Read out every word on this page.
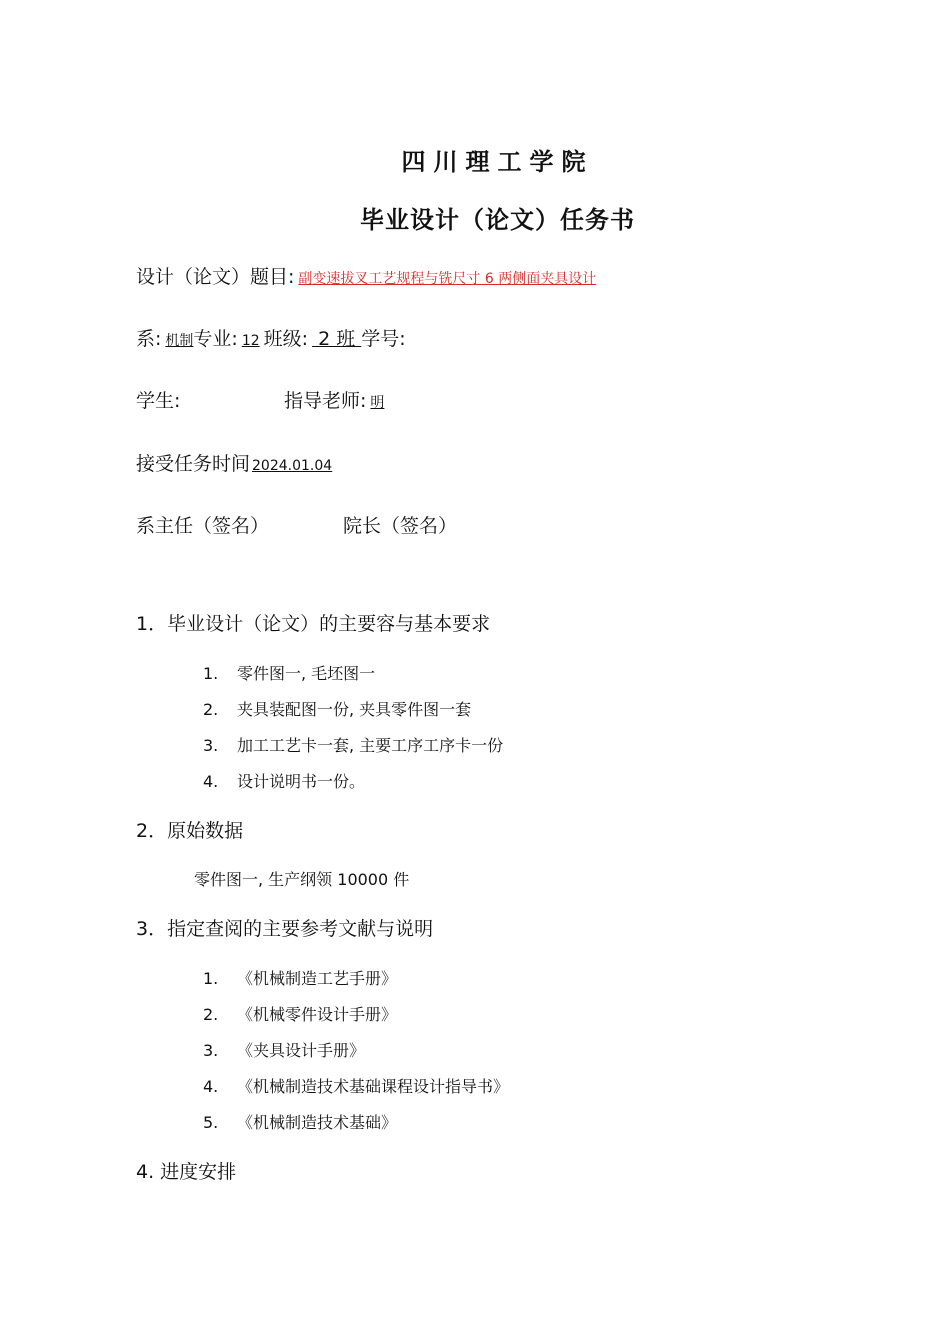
四川理工学院
毕业设计（论文）任务书
设计（论文）题目: 副变速拔叉工艺规程与铣尺寸 6 两侧面夹具设计
系: 机制专业: 12 班级: 2 班 学号:
学生:	指导老师: 明
接受任务时间 2024.01.04
系主任（签名）	院长（签名）
1．毕业设计（论文）的主要容与基本要求
1. 零件图一, 毛坯图一
2. 夹具装配图一份, 夹具零件图一套
3. 加工工艺卡一套, 主要工序工序卡一份
4. 设计说明书一份。
2．原始数据
零件图一, 生产纲领 10000 件
3．指定查阅的主要参考文献与说明
1. 《机械制造工艺手册》
2. 《机械零件设计手册》
3. 《夹具设计手册》
4. 《机械制造技术基础课程设计指导书》
5. 《机械制造技术基础》
4. 进度安排
